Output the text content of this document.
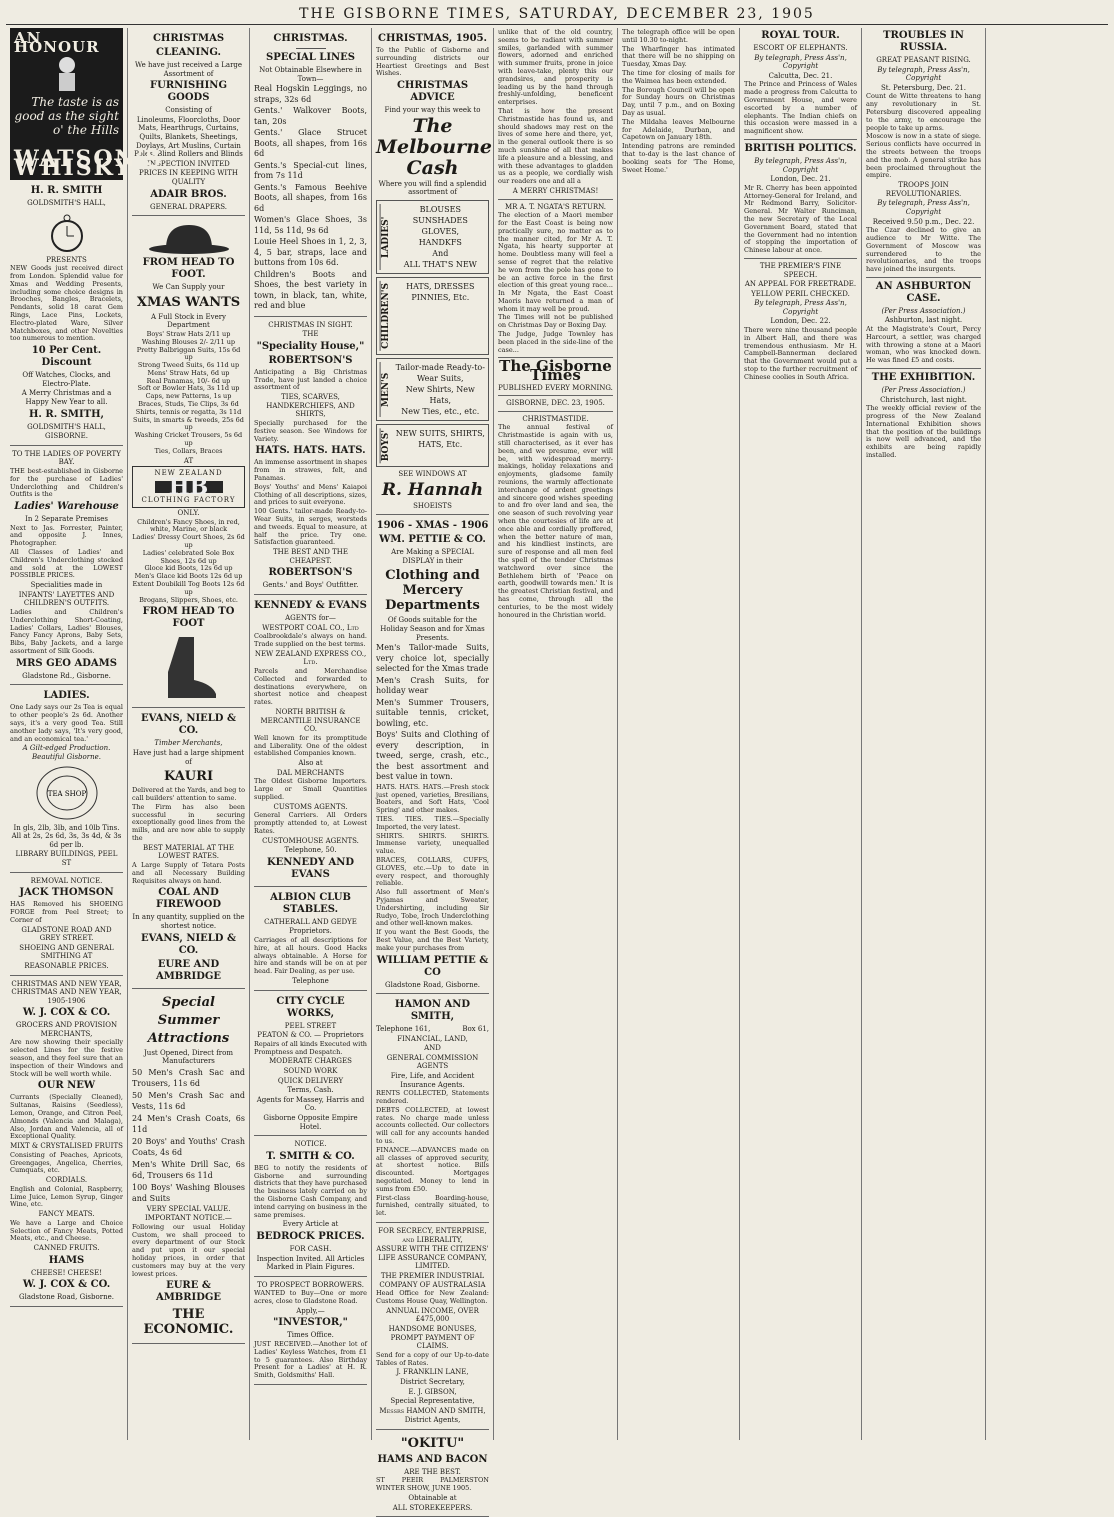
THE GISBORNE TIMES, SATURDAY, DECEMBER 23, 1905
AN HONOUR
The taste is as good as the sight o' the Hills
WATSON'S WHISKY
H. R. SMITH
GOLDSMITH'S HALL,
PRESENTS
NEW Goods just received direct from London. Splendid value for Xmas and Wedding Presents, including some choice designs in Brooches, Bangles, Bracelets, Pendants, solid 18 carat Gem Rings, Lace Pins, Lockets, Electro-plated Ware, Silver Matchboxes, and other Novelties too numerous to mention.
10 Per Cent. Discount
Off Watches, Clocks, and Electro-Plate.
A Merry Christmas and a Happy New Year to all.
H. R. SMITH,
GOLDSMITH'S HALL,
GISBORNE.
TO THE LADIES OF POVERTY BAY.
THE best-established in Gisborne for the purchase of Ladies' Underclothing and Children's Outfits is the
Ladies' Warehouse
In 2 Separate Premises
Next to Jas. Forrester, Painter, and opposite J. Innes, Photographer.
All Classes of Ladies' and Children's Underclothing stocked and sold at the LOWEST POSSIBLE PRICES.
Specialities made in
INFANTS' LAYETTES AND CHILDREN'S OUTFITS.
Ladies and Children's Underclothing Short-Coating, Ladies' Collars, Ladies' Blouses, Fancy Fancy Aprons, Baby Sets, Bibs, Baby Jackets, and a large assortment of Silk Goods.
MRS GEO ADAMS
Gladstone Rd., Gisborne.
LADIES.
One Lady says our 2s Tea is equal to other people's 2s 6d. Another says, it's a very good Tea. Still another lady says, 'It's very good, and an economical tea.'
A Gilt-edged Production. Beautiful Gisborne.
TEA SHOP
In gls, 2lb, 3lb, and 10lb Tins. All at 2s, 2s 6d, 3s, 3s 4d, & 3s 6d per lb.
LIBRARY BUILDINGS, PEEL ST
REMOVAL NOTICE.
JACK THOMSON
HAS Removed his SHOEING FORGE from Peel Street; to Corner of
GLADSTONE ROAD AND GREY STREET.
SHOEING AND GENERAL SMITHING AT
REASONABLE PRICES.
CHRISTMAS AND NEW YEAR, CHRISTMAS AND NEW YEAR, 1905-1906
W. J. COX & CO.
GROCERS AND PROVISION MERCHANTS,
Are now showing their specially selected Lines for the festive season, and they feel sure that an inspection of their Windows and Stock will be well worth while.
OUR NEW
Currants (Specially Cleaned), Sultanas, Raisins (Seedless), Lemon, Orange, and Citron Peel, Almonds (Valencia and Malaga), Also, Jordan and Valencia, all of Exceptional Quality.
MIXT & CRYSTALISED FRUITS
Consisting of Peaches, Apricots, Greengages, Angelica, Cherries, Cumquats, etc.
CORDIALS.
English and Colonial, Raspberry, Lime Juice, Lemon Syrup, Ginger Wine, etc.
FANCY MEATS.
We have a Large and Choice Selection of Fancy Meats, Potted Meats, etc., and Cheese.
CANNED FRUITS.
HAMS
CHEESE! CHEESE!
W. J. COX & CO.
Gladstone Road, Gisborne.
CHRISTMAS
CLEANING.
We have just received a Large Assortment of
FURNISHING GOODS
Consisting of
Linoleums, Floorcloths, Door Mats, Hearthrugs, Curtains, Quilts, Blankets, Sheetings, Doylays, Art Muslins, Curtain Poles, Blind Rollers and Blinds
INSPECTION INVITED
PRICES IN KEEPING WITH QUALITY
ADAIR BROS.
GENERAL DRAPERS.
FROM HEAD TO FOOT.
We Can Supply your
XMAS WANTS
A Full Stock in Every Department
Boys' Straw Hats 2/11 up
Washing Blouses 2/- 2/11 up
Pretty Balbriggan Suits, 15s 6d up
Strong Tweed Suits, 6s 11d up
Mens' Straw Hats, 6d up
Real Panamas, 10/- 6d up
Soft or Bowler Hats, 3s 11d up
Caps, new Patterns, 1s up
Braces, Studs, Tie Clips, 3s 6d
Shirts, tennis or regatta, 3s 11d
Suits, in smarts & tweeds, 25s 6d up
Washing Cricket Trousers, 5s 6d up
Ties, Collars, Braces
AT
NEW ZEALAND
HB
CLOTHING FACTORY
ONLY.
Children's Fancy Shoes, in red, white, Marine, or black
Ladies' Dressy Court Shoes, 2s 6d up
Ladies' celebrated Sole Box Shoes, 12s 6d up
Gloce kid Boots, 12s 6d up
Men's Glace kid Boots 12s 6d up
Extent Doubikill Tog Boots 12s 6d up
Brogans, Slippers, Shoes, etc.
FROM HEAD TO FOOT
EVANS, NIELD & CO.
Timber Merchants,
Have just had a large shipment of
KAURI
Delivered at the Yards, and beg to call builders' attention to same.
The Firm has also been successful in securing exceptionally good lines from the mills, and are now able to supply the
BEST MATERIAL AT THE LOWEST RATES.
A Large Supply of Tetara Posts and all Necessary Building Requisites always on hand.
COAL AND FIREWOOD
In any quantity, supplied on the shortest notice.
EVANS, NIELD & CO.
EURE AND AMBRIDGE
Special
Summer
Attractions
Just Opened, Direct from Manufacturers
50 Men's Crash Sac and Trousers, 11s 6d
50 Men's Crash Sac and Vests, 11s 6d
24 Men's Crash Coats, 6s 11d
20 Boys' and Youths' Crash Coats, 4s 6d
Men's White Drill Sac, 6s 6d, Trousers 6s 11d
100 Boys' Washing Blouses and Suits
VERY SPECIAL VALUE.
IMPORTANT NOTICE.—
Following our usual Holiday Custom, we shall proceed to every department of our Stock and put upon it our special holiday prices, in order that customers may buy at the very lowest prices.
EURE & AMBRIDGE
THE ECONOMIC.
CHRISTMAS.
SPECIAL LINES
Not Obtainable Elsewhere in Town—
Real Hogskin Leggings, no straps, 32s 6d
Gents.' Walkover Boots, tan, 20s
Gents.' Glace Strucet Boots, all shapes, from 16s 6d
Gents.'s Special-cut lines, from 7s 11d
Gents.'s Famous Beehive Boots, all shapes, from 16s 6d
Women's Glace Shoes, 3s 11d, 5s 11d, 9s 6d
Louie Heel Shoes in 1, 2, 3, 4, 5 bar, straps, lace and buttons from 10s 6d.
Children's Boots and Shoes, the best variety in town, in black, tan, white, red and blue
CHRISTMAS IN SIGHT.
THE
"Speciality House,"
ROBERTSON'S
Anticipating a Big Christmas Trade, have just landed a choice assortment of
TIES, SCARVES, HANDKERCHIEFS, AND SHIRTS,
Specially purchased for the festive season. See Windows for Variety.
HATS. HATS. HATS.
An immense assortment in shapes from in strawes, felt, and Panamas.
Boys' Youths' and Mens' Kaiapoi Clothing of all descriptions, sizes, and prices to suit everyone.
100 Gents.' tailor-made Ready-to-Wear Suits, in serges, worsteds and tweeds. Equal to measure, at half the price. Try one. Satisfaction guaranteed.
THE BEST AND THE CHEAPEST.
ROBERTSON'S
Gents.' and Boys' Outfitter.
KENNEDY & EVANS
AGENTS for—
WESTPORT COAL CO., Ltd
Coalbrookdale's always on hand. Trade supplied on the best terms.
NEW ZEALAND EXPRESS CO., Ltd.
Parcels and Merchandise Collected and forwarded to destinations everywhere, on shortest notice and cheapest rates.
NORTH BRITISH & MERCANTILE INSURANCE CO.
Well known for its promptitude and Liberality. One of the oldest established Companies known.
Also at
DAL MERCHANTS
The Oldest Gisborne Importers. Large or Small Quantities supplied.
CUSTOMS AGENTS.
General Carriers. All Orders promptly attended to, at Lowest Rates.
CUSTOMHOUSE AGENTS.
Telephone, 50.
KENNEDY AND EVANS
ALBION CLUB STABLES.
CATHERALL AND GEDYE
Proprietors.
Carriages of all descriptions for hire, at all hours. Good Hacks always obtainable. A Horse for hire and stands will be on at per head. Fair Dealing, as per use.
Telephone
CITY CYCLE WORKS,
PEEL STREET
PEATON & CO. — Proprietors
Repairs of all kinds Executed with Promptness and Despatch.
MODERATE CHARGES
SOUND WORK
QUICK DELIVERY
Terms, Cash.
Agents for Massey, Harris and Co.
Gisborne Opposite Empire Hotel.
NOTICE.
T. SMITH & CO.
BEG to notify the residents of Gisborne and surrounding districts that they have purchased the business lately carried on by the Gisborne Cash Company, and intend carrying on business in the same premises.
Every Article at
BEDROCK PRICES.
FOR CASH.
Inspection Invited. All Articles Marked in Plain Figures.
TO PROSPECT BORROWERS.
WANTED to Buy—One or more acres, close to Gladstone Road.
Apply,—
"INVESTOR,"
Times Office.
JUST RECEIVED.—Another lot of Ladies' Keyless Watches, from £1 to 5 guarantees. Also Birthday Present for a Ladies' at H. R. Smith, Goldsmiths' Hall.
CHRISTMAS, 1905.
To the Public of Gisborne and surrounding districts our Heartiest Greetings and Best Wishes.
CHRISTMAS ADVICE
Find your way this week to
The
Melbourne
Cash
Where you will find a splendid assortment of
LADIES'
BLOUSES
SUNSHADES
GLOVES,
HANDKFS
And
ALL THAT'S NEW
CHILDREN'S	HATS, DRESSES
PINNIES, Etc.
MEN'S
Tailor-made Ready-to-Wear Suits,
New Shirts, New Hats,
New Ties, etc., etc.
BOYS' NEW SUITS, SHIRTS,
HATS, Etc.
SEE WINDOWS AT
R. Hannah
SHOEISTS
1906 - XMAS - 1906
WM. PETTIE & CO.
Are Making a SPECIAL DISPLAY in their
Clothing and Mercery Departments
Of Goods suitable for the Holiday Season and for Xmas Presents.
Men's Tailor-made Suits, very choice lot, specially selected for the Xmas trade
Men's Crash Suits, for holiday wear
Men's Summer Trousers, suitable tennis, cricket, bowling, etc.
Boys' Suits and Clothing of every description, in tweed, serge, crash, etc., the best assortment and best value in town.
HATS. HATS. HATS.—Fresh stock just opened, varieties, Bresilians, Boaters, and Soft Hats, 'Cool Spring' and other makes.
TIES. TIES. TIES.—Specially Imported, the very latest.
SHIRTS. SHIRTS. SHIRTS. Immense variety, unequalled value.
BRACES, COLLARS, CUFFS, GLOVES, etc.—Up to date in every respect, and thoroughly reliable.
Also full assortment of Men's Pyjamas and Sweater, Undershirting, including Sir Rudyo, Tobe, Iroch Underclothing and other well-known makes.
If you want the Best Goods, the Best Value, and the Best Variety, make your purchases from
WILLIAM PETTIE & CO
Gladstone Road, Gisborne.
HAMON AND SMITH,
Telephone 161,	Box 61,
FINANCIAL, LAND,
AND
GENERAL COMMISSION AGENTS
Fire, Life, and Accident Insurance Agents.
RENTS COLLECTED, Statements rendered.
DEBTS COLLECTED, at lowest rates. No charge made unless accounts collected. Our collectors will call for any accounts handed to us.
FINANCE.—ADVANCES made on all classes of approved security, at shortest notice. Bills discounted. Mortgages negotiated. Money to lend in sums from £50.
First-class Boarding-house, furnished, centrally situated, to let.
FOR SECRECY, ENTERPRISE, and LIBERALITY,
ASSURE WITH THE CITIZENS' LIFE ASSURANCE COMPANY, LIMITED.
THE PREMIER INDUSTRIAL COMPANY OF AUSTRALASIA
Head Office for New Zealand: Customs House Quay, Wellington.
ANNUAL INCOME, OVER £475,000
HANDSOME BONUSES, PROMPT PAYMENT OF CLAIMS.
Send for a copy of our Up-to-date Tables of Rates.
J. FRANKLIN LANE,
District Secretary,
E. J. GIBSON,
Special Representative,
Messrs HAMON AND SMITH,
District Agents,
"OKITU"
HAMS AND BACON
ARE THE BEST.
ST PEEIR PALMERSTON WINTER SHOW, JUNE 1905.
Obtainable at
ALL STOREKEEPERS.
unlike that of the old country, seems to be radiant with summer smiles, garlanded with summer flowers, adorned and enriched with summer fruits, prone in joice with leave-take, plenty this our grandsires, and prosperity is leading us by the hand through freshly-unfolding, beneficent enterprises.
That is how the present Christmastide has found us, and should shadows may rest on the lives of some here and there, yet, in the general outlook there is so much sunshine of all that makes life a pleasure and a blessing, and with these advantages to gladden us as a people, we cordially wish our readers one and all a
A MERRY CHRISTMAS!
MR A. T. NGATA'S RETURN.
The election of a Maori member for the East Coast is being now practically sure, no matter as to the manner cited, for Mr A. T. Ngata, his hearty supporter at home. Doubtless many will feel a sense of regret that the relative he won from the pole has gone to be an active force in the first election of this great young race... In Mr Ngata, the East Coast Maoris have returned a man of whom it may well be proud.
The Times will not be published on Christmas Day or Boxing Day.
The Judge, Judge Townley has been placed in the side-line of the case...
The Gisborne Times
PUBLISHED EVERY MORNING.
GISBORNE, DEC. 23, 1905.
CHRISTMASTIDE.
The annual festival of Christmastide is again with us, still characterised, as it ever has been, and we presume, ever will be, with widespread merry-makings, holiday relaxations and enjoyments, gladsome family reunions, the warmly affectionate interchange of ardent greetings and sincere good wishes speeding to and fro over land and sea, the one season of such revolving year when the courtesies of life are at once able and cordially proffered, when the better nature of man, and his kindliest instincts, are sure of response and all men feel the spell of the tender Christmas watchword over since the Bethlehem birth of 'Peace on earth, goodwill towards men.' It is the greatest Christian festival, and has come, through all the centuries, to be the most widely honoured in the Christian world.
The telegraph office will be open until 10.30 to-night.
The Wharfinger has intimated that there will be no shipping on Tuesday, Xmas Day.
The time for closing of mails for the Waimea has been extended.
The Borough Council will be open for Sunday hours on Christmas Day, until 7 p.m., and on Boxing Day as usual.
The Mildaha leaves Melbourne for Adelaide, Durban, and Capetown on January 18th.
Intending patrons are reminded that to-day is the last chance of booking seats for 'The Home, Sweet Home.'
ROYAL TOUR.
ESCORT OF ELEPHANTS.
By telegraph, Press Ass'n, Copyright
Calcutta, Dec. 21.
The Prince and Princess of Wales made a progress from Calcutta to Government House, and were escorted by a number of elephants. The Indian chiefs on this occasion were massed in a magnificent show.
BRITISH POLITICS.
By telegraph, Press Ass'n, Copyright
London, Dec. 21.
Mr R. Cherry has been appointed Attorney-General for Ireland, and Mr Redmond Barry, Solicitor-General. Mr Walter Runciman, the new Secretary of the Local Government Board, stated that the Government had no intention of stopping the importation of Chinese labour at once.
THE PREMIER'S FINE SPEECH.
AN APPEAL FOR FREETRADE.
YELLOW PERIL CHECKED.
By telegraph, Press Ass'n, Copyright
London, Dec. 22.
There were nine thousand people in Albert Hall, and there was tremendous enthusiasm. Mr H. Campbell-Bannerman declared that the Government would put a stop to the further recruitment of Chinese coolies in South Africa.
TROUBLES IN RUSSIA.
GREAT PEASANT RISING.
By telegraph, Press Ass'n, Copyright
St. Petersburg, Dec. 21.
Count de Witte threatens to hang any revolutionary in St. Petersburg discovered appealing to the army, to encourage the people to take up arms.
Moscow is now in a state of siege. Serious conflicts have occurred in the streets between the troops and the mob. A general strike has been proclaimed throughout the empire.
TROOPS JOIN REVOLUTIONARIES.
By telegraph, Press Ass'n, Copyright
Received 9.50 p.m., Dec. 22.
The Czar declined to give an audience to Mr Witte. The Government of Moscow was surrendered to the revolutionaries, and the troops have joined the insurgents.
AN ASHBURTON CASE.
(Per Press Association.)
Ashburton, last night.
At the Magistrate's Court, Percy Harcourt, a settler, was charged with throwing a stone at a Maori woman, who was knocked down. He was fined £5 and costs.
THE EXHIBITION.
(Per Press Association.)
Christchurch, last night.
The weekly official review of the progress of the New Zealand International Exhibition shows that the position of the buildings is now well advanced, and the exhibits are being rapidly installed.
